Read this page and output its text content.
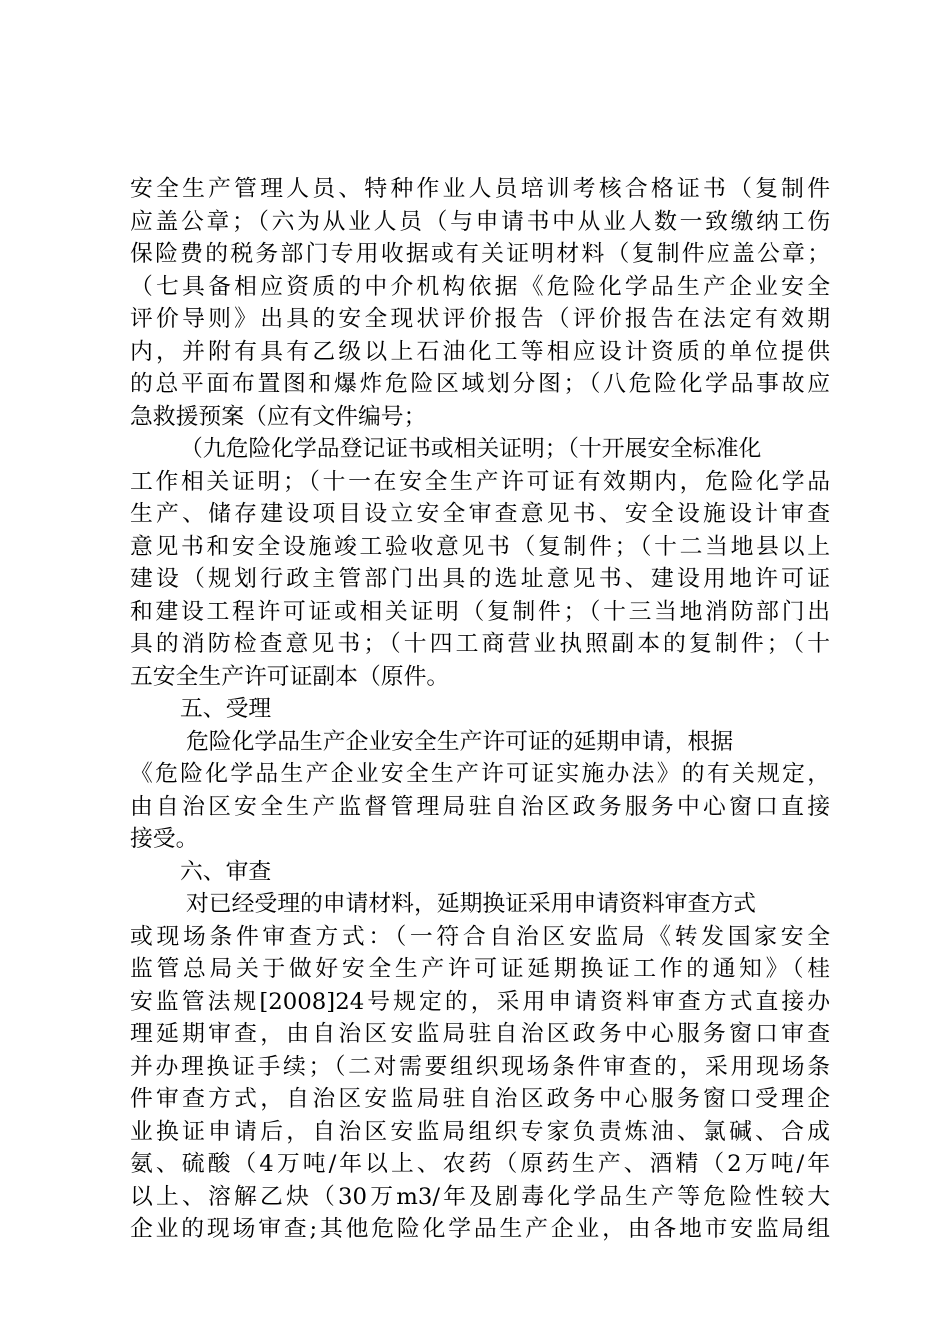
安全生产管理人员、特种作业人员培训考核合格证书（复制件
应盖公章；（六为从业人员（与申请书中从业人数一致缴纳工伤
保险费的税务部门专用收据或有关证明材料（复制件应盖公章；
（七具备相应资质的中介机构依据《危险化学品生产企业安全
评价导则》出具的安全现状评价报告（评价报告在法定有效期
内，并附有具有乙级以上石油化工等相应设计资质的单位提供
的总平面布置图和爆炸危险区域划分图；（八危险化学品事故应
急救援预案（应有文件编号；
（九危险化学品登记证书或相关证明；（十开展安全标准化
工作相关证明；（十一在安全生产许可证有效期内，危险化学品
生产、储存建设项目设立安全审查意见书、安全设施设计审查
意见书和安全设施竣工验收意见书（复制件；（十二当地县以上
建设（规划行政主管部门出具的选址意见书、建设用地许可证
和建设工程许可证或相关证明（复制件；（十三当地消防部门出
具的消防检查意见书；（十四工商营业执照副本的复制件；（十
五安全生产许可证副本（原件。
五、受理
危险化学品生产企业安全生产许可证的延期申请，根据
《危险化学品生产企业安全生产许可证实施办法》的有关规定，
由自治区安全生产监督管理局驻自治区政务服务中心窗口直接
接受。
六、审查
对已经受理的申请材料，延期换证采用申请资料审查方式
或现场条件审查方式：（一符合自治区安监局《转发国家安全
监管总局关于做好安全生产许可证延期换证工作的通知》（桂
安监管法规[2008]24号规定的，采用申请资料审查方式直接办
理延期审查，由自治区安监局驻自治区政务中心服务窗口审查
并办理换证手续；（二对需要组织现场条件审查的，采用现场条
件审查方式，自治区安监局驻自治区政务中心服务窗口受理企
业换证申请后，自治区安监局组织专家负责炼油、氯碱、合成
氨、硫酸（4万吨/年以上、农药（原药生产、酒精（2万吨/年
以上、溶解乙炔（30万m3/年及剧毒化学品生产等危险性较大
企业的现场审查;其他危险化学品生产企业，由各地市安监局组
